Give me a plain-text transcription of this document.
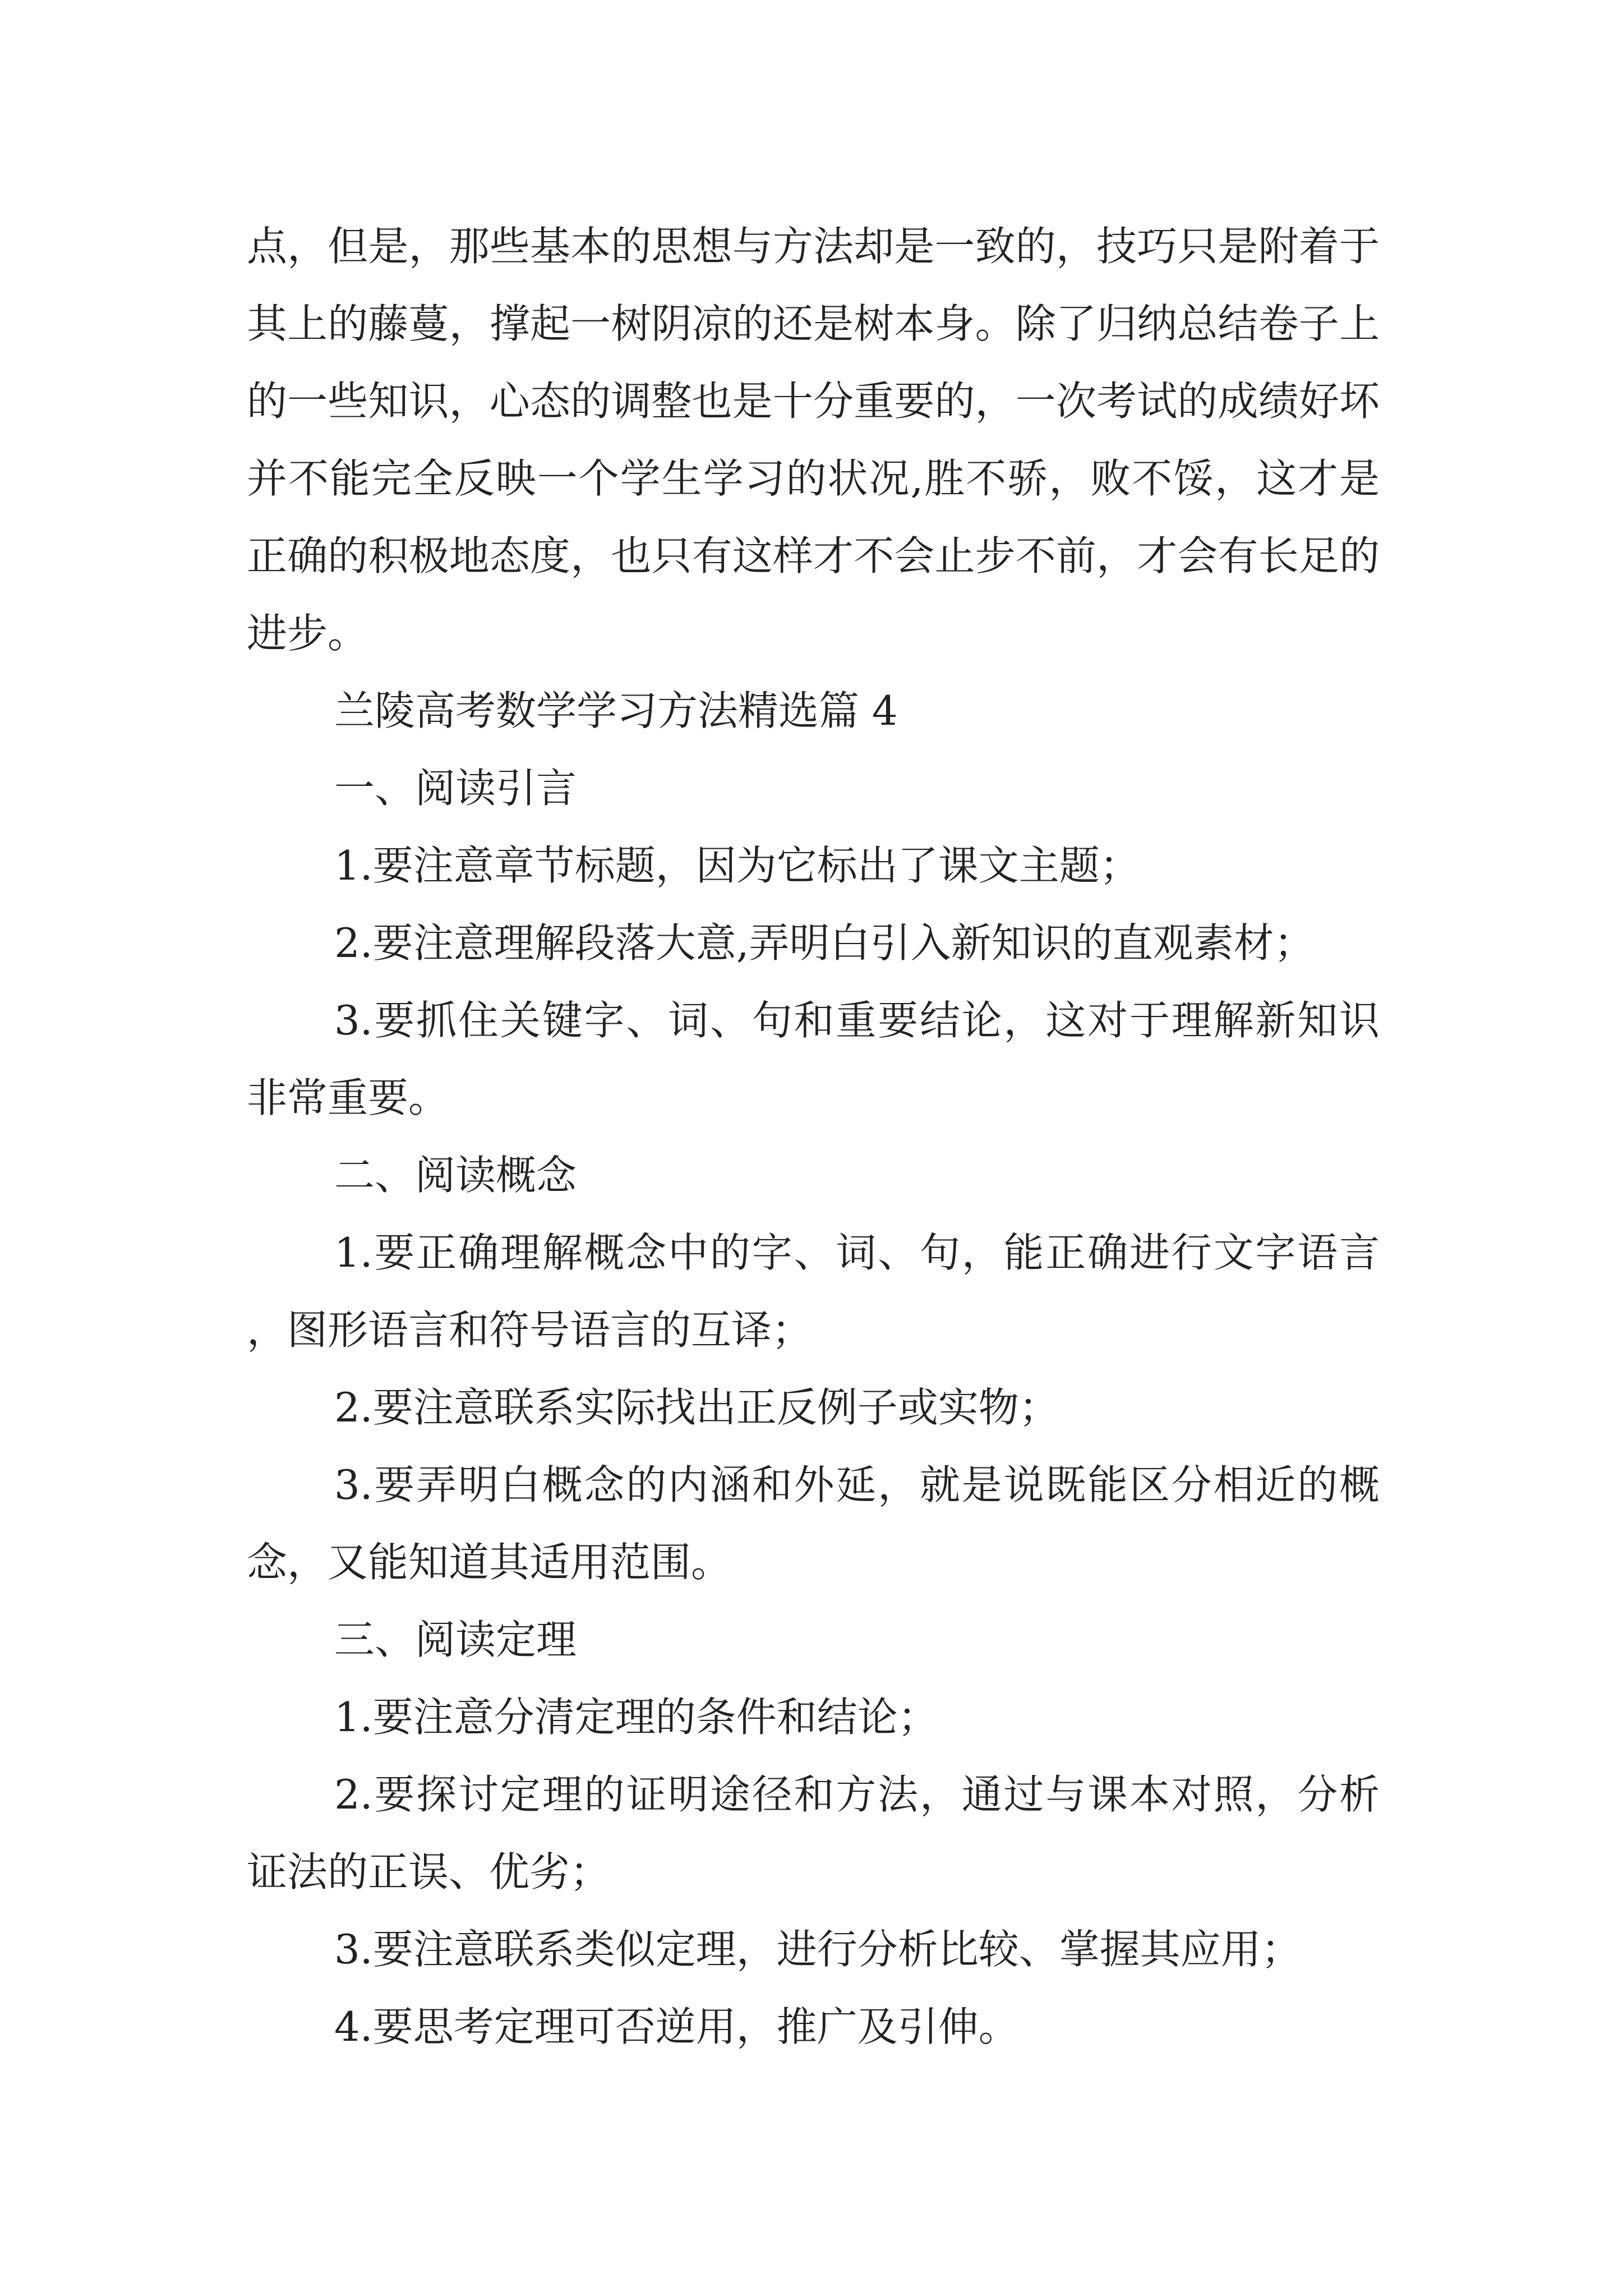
点，但是，那些基本的思想与方法却是一致的，技巧只是附着于其上的藤蔓，撑起一树阴凉的还是树本身。除了归纳总结卷子上的一些知识，心态的调整也是十分重要的，一次考试的成绩好坏并不能完全反映一个学生学习的状况,胜不骄，败不馁，这才是正确的积极地态度，也只有这样才不会止步不前，才会有长足的进步。

兰陵高考数学学习方法精选篇 4

一、阅读引言

1.要注意章节标题，因为它标出了课文主题；

2.要注意理解段落大意,弄明白引入新知识的直观素材；

3.要抓住关键字、词、句和重要结论，这对于理解新知识非常重要。

二、阅读概念

1.要正确理解概念中的字、词、句，能正确进行文字语言，图形语言和符号语言的互译；

2.要注意联系实际找出正反例子或实物；

3.要弄明白概念的内涵和外延，就是说既能区分相近的概念，又能知道其适用范围。

三、阅读定理

1.要注意分清定理的条件和结论；

2.要探讨定理的证明途径和方法，通过与课本对照，分析证法的正误、优劣；

3.要注意联系类似定理，进行分析比较、掌握其应用；

4.要思考定理可否逆用，推广及引伸。
